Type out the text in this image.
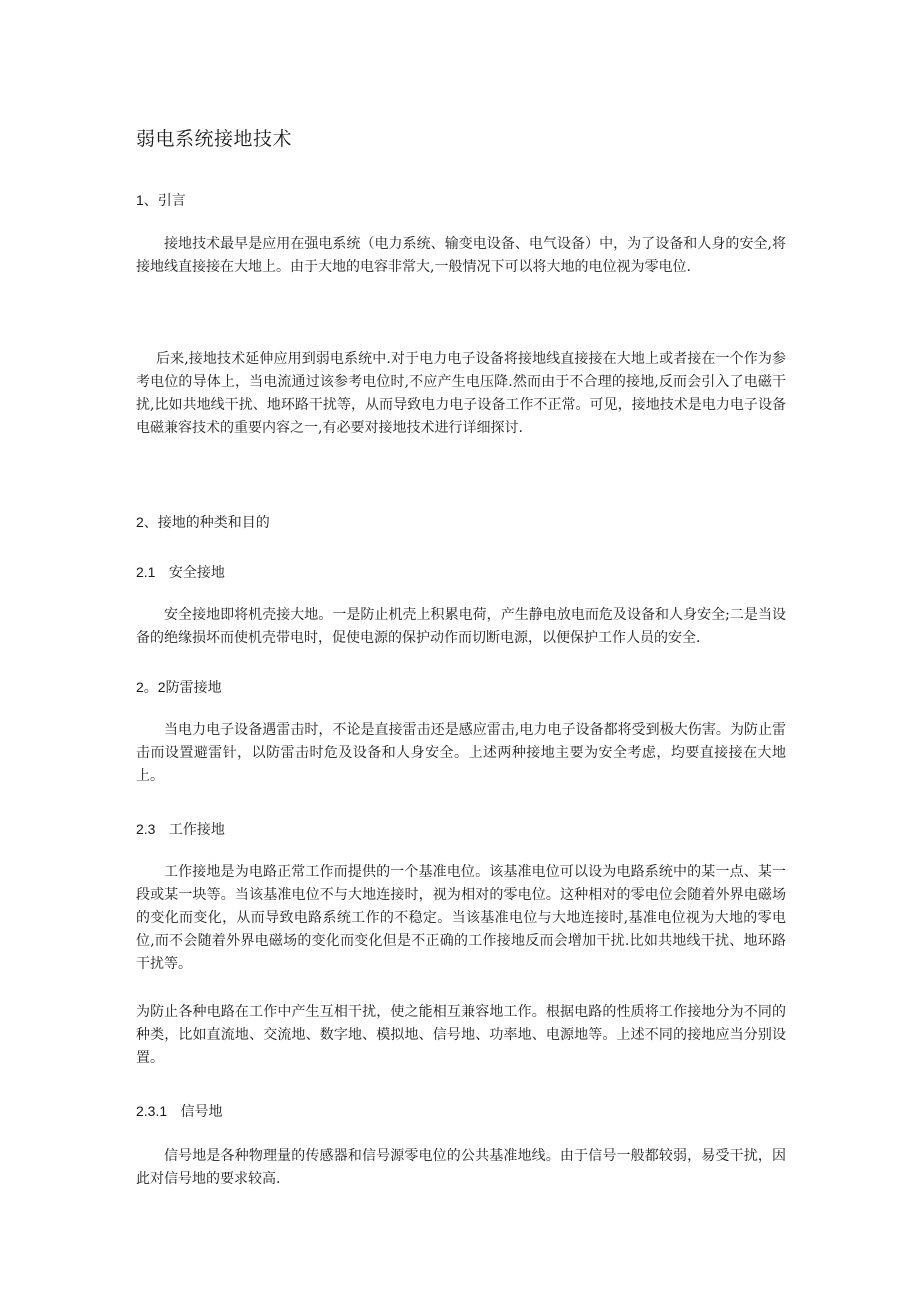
弱电系统接地技术
1、引言

接地技术最早是应用在强电系统（电力系统、输变电设备、电气设备）中，为了设备和人身的安全,将接地线直接接在大地上。由于大地的电容非常大,一般情况下可以将大地的电位视为零电位.

后来,接地技术延伸应用到弱电系统中.对于电力电子设备将接地线直接接在大地上或者接在一个作为参考电位的导体上，当电流通过该参考电位时,不应产生电压降.然而由于不合理的接地,反而会引入了电磁干扰,比如共地线干扰、地环路干扰等，从而导致电力电子设备工作不正常。可见，接地技术是电力电子设备电磁兼容技术的重要内容之一,有必要对接地技术进行详细探讨.

2、接地的种类和目的
2.1 安全接地

安全接地即将机壳接大地。一是防止机壳上积累电荷，产生静电放电而危及设备和人身安全;二是当设备的绝缘损坏而使机壳带电时，促使电源的保护动作而切断电源，以便保护工作人员的安全.

2。2防雷接地

当电力电子设备遇雷击时，不论是直接雷击还是感应雷击,电力电子设备都将受到极大伤害。为防止雷击而设置避雷针，以防雷击时危及设备和人身安全。上述两种接地主要为安全考虑，均要直接接在大地上。

2.3 工作接地

工作接地是为电路正常工作而提供的一个基准电位。该基准电位可以设为电路系统中的某一点、某一段或某一块等。当该基准电位不与大地连接时，视为相对的零电位。这种相对的零电位会随着外界电磁场的变化而变化，从而导致电路系统工作的不稳定。当该基准电位与大地连接时,基准电位视为大地的零电位,而不会随着外界电磁场的变化而变化但是不正确的工作接地反而会增加干扰.比如共地线干扰、地环路干扰等。

为防止各种电路在工作中产生互相干扰，使之能相互兼容地工作。根据电路的性质将工作接地分为不同的种类，比如直流地、交流地、数字地、模拟地、信号地、功率地、电源地等。上述不同的接地应当分别设置。

2.3.1 信号地

信号地是各种物理量的传感器和信号源零电位的公共基准地线。由于信号一般都较弱，易受干扰，因此对信号地的要求较高.
